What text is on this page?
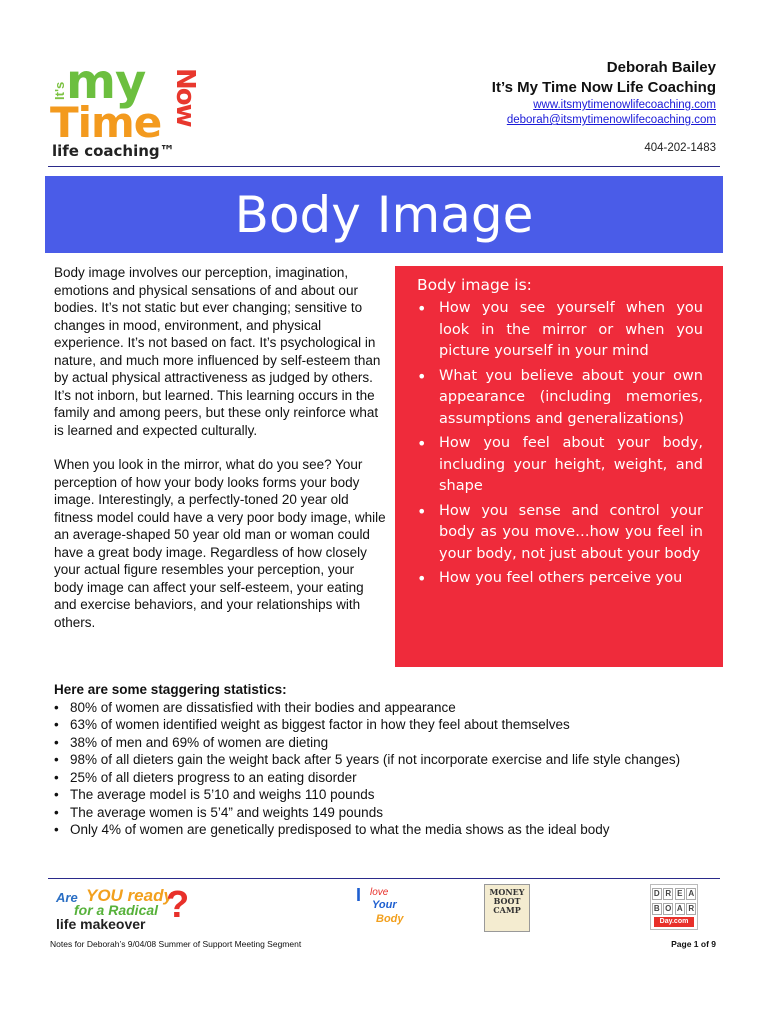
It's my
Time Now
life coaching™
Deborah Bailey
It’s My Time Now Life Coaching
www.itsmytimenowlifecoaching.com
deborah@itsmytimenowlifecoaching.com
404-202-1483
Body Image

Body image involves our perception, imagination, emotions and physical sensations of and about our bodies. It’s not static but ever changing; sensitive to changes in mood, environment, and physical experience. It’s not based on fact. It’s psychological in nature, and much more influenced by self-esteem than by actual physical attractiveness as judged by others. It’s not inborn, but learned. This learning occurs in the family and among peers, but these only reinforce what is learned and expected culturally.

When you look in the mirror, what do you see? Your perception of how your body looks forms your body image. Interestingly, a perfectly-toned 20 year old fitness model could have a very poor body image, while an average-shaped 50 year old man or woman could have a great body image. Regardless of how closely your actual figure resembles your perception, your body image can affect your self-esteem, your eating and exercise behaviors, and your relationships with others.

Body image is:
• How you see yourself when you look in the mirror or when you picture yourself in your mind
• What you believe about your own appearance (including memories, assumptions and generalizations)
• How you feel about your body, including your height, weight, and shape
• How you sense and control your body as you move…how you feel in your body, not just about your body
• How you feel others perceive you
Here are some staggering statistics:
• 80% of women are dissatisfied with their bodies and appearance
• 63% of women identified weight as biggest factor in how they feel about themselves
• 38% of men and 69% of women are dieting
• 98% of all dieters gain the weight back after 5 years (if not incorporate exercise and life style changes)
• 25% of all dieters progress to an eating disorder
• The average model is 5’10 and weighs 110 pounds
• The average women is 5’4” and weights 149 pounds
• Only 4% of women are genetically predisposed to what the media shows as the ideal body
Are YOU ready
for a Radical
life makeover ?	I love
Your
Body
MONEY
BOOT
CAMP
D R E A
B O A R
Day.com
Notes for Deborah’s 9/04/08 Summer of Support Meeting Segment	Page 1 of 9
